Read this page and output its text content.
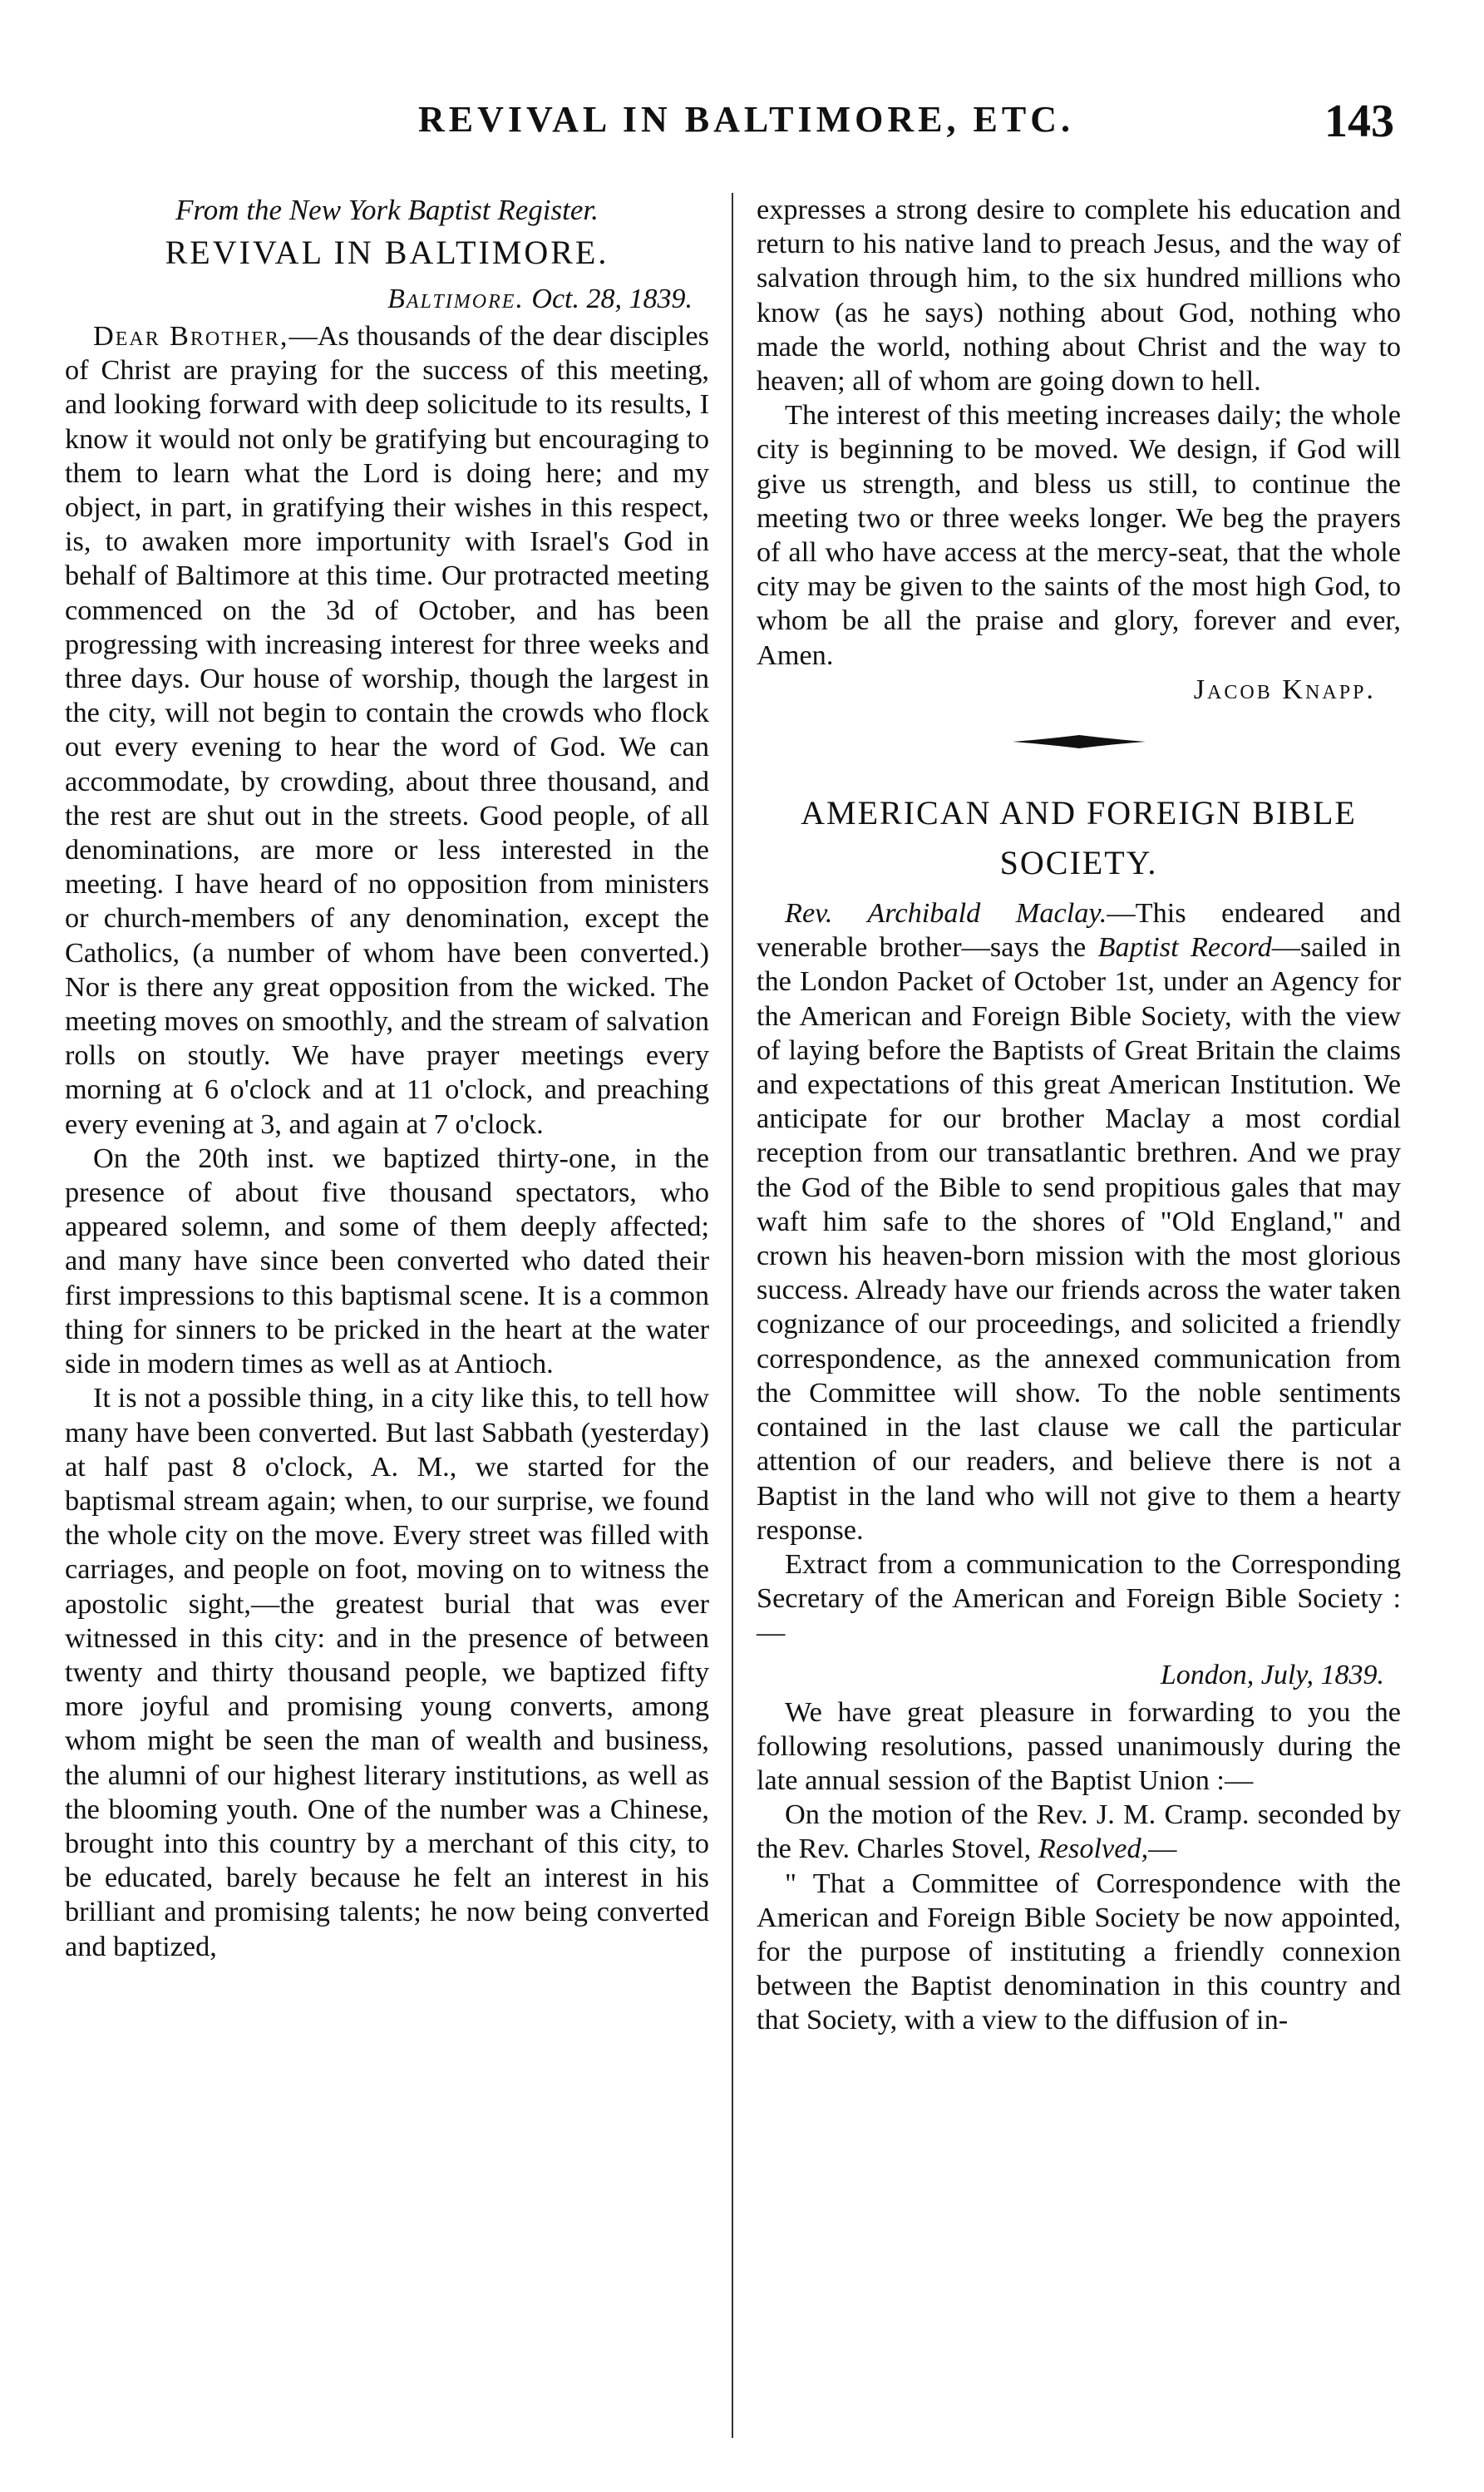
REVIVAL IN BALTIMORE, ETC.	143

From the New York Baptist Register.

REVIVAL IN BALTIMORE.

Baltimore. Oct. 28, 1839.

Dear Brother,—As thousands of the dear disciples of Christ are praying for the success of this meeting, and looking forward with deep solicitude to its results, I know it would not only be gratifying but encouraging to them to learn what the Lord is doing here; and my object, in part, in gratifying their wishes in this respect, is, to awaken more importunity with Israel's God in behalf of Baltimore at this time. Our protracted meeting commenced on the 3d of October, and has been progressing with increasing interest for three weeks and three days. Our house of worship, though the largest in the city, will not begin to contain the crowds who flock out every evening to hear the word of God. We can accommodate, by crowding, about three thousand, and the rest are shut out in the streets. Good people, of all denominations, are more or less interested in the meeting. I have heard of no opposition from ministers or church-members of any denomination, except the Catholics, (a number of whom have been converted.) Nor is there any great opposition from the wicked. The meeting moves on smoothly, and the stream of salvation rolls on stoutly. We have prayer meetings every morning at 6 o'clock and at 11 o'clock, and preaching every evening at 3, and again at 7 o'clock.

On the 20th inst. we baptized thirty-one, in the presence of about five thousand spectators, who appeared solemn, and some of them deeply affected; and many have since been converted who dated their first impressions to this baptismal scene. It is a common thing for sinners to be pricked in the heart at the water side in modern times as well as at Antioch.

It is not a possible thing, in a city like this, to tell how many have been converted. But last Sabbath (yesterday) at half past 8 o'clock, A. M., we started for the baptismal stream again; when, to our surprise, we found the whole city on the move. Every street was filled with carriages, and people on foot, moving on to witness the apostolic sight,—the greatest burial that was ever witnessed in this city: and in the presence of between twenty and thirty thousand people, we baptized fifty more joyful and promising young converts, among whom might be seen the man of wealth and business, the alumni of our highest literary institutions, as well as the blooming youth. One of the number was a Chinese, brought into this country by a merchant of this city, to be educated, barely because he felt an interest in his brilliant and promising talents; he now being converted and baptized,

expresses a strong desire to complete his education and return to his native land to preach Jesus, and the way of salvation through him, to the six hundred millions who know (as he says) nothing about God, nothing who made the world, nothing about Christ and the way to heaven; all of whom are going down to hell.

The interest of this meeting increases daily; the whole city is beginning to be moved. We design, if God will give us strength, and bless us still, to continue the meeting two or three weeks longer. We beg the prayers of all who have access at the mercy-seat, that the whole city may be given to the saints of the most high God, to whom be all the praise and glory, forever and ever, Amen.

Jacob Knapp.

AMERICAN AND FOREIGN BIBLE

SOCIETY.

Rev. Archibald Maclay.—This endeared and venerable brother—says the Baptist Record—sailed in the London Packet of October 1st, under an Agency for the American and Foreign Bible Society, with the view of laying before the Baptists of Great Britain the claims and expectations of this great American Institution. We anticipate for our brother Maclay a most cordial reception from our transatlantic brethren. And we pray the God of the Bible to send propitious gales that may waft him safe to the shores of "Old England," and crown his heaven-born mission with the most glorious success. Already have our friends across the water taken cognizance of our proceedings, and solicited a friendly correspondence, as the annexed communication from the Committee will show. To the noble sentiments contained in the last clause we call the particular attention of our readers, and believe there is not a Baptist in the land who will not give to them a hearty response.

Extract from a communication to the Corresponding Secretary of the American and Foreign Bible Society :—

London, July, 1839.

We have great pleasure in forwarding to you the following resolutions, passed unanimously during the late annual session of the Baptist Union :—

On the motion of the Rev. J. M. Cramp. seconded by the Rev. Charles Stovel, Resolved,—

" That a Committee of Correspondence with the American and Foreign Bible Society be now appointed, for the purpose of instituting a friendly connexion between the Baptist denomination in this country and that Society, with a view to the diffusion of in-
